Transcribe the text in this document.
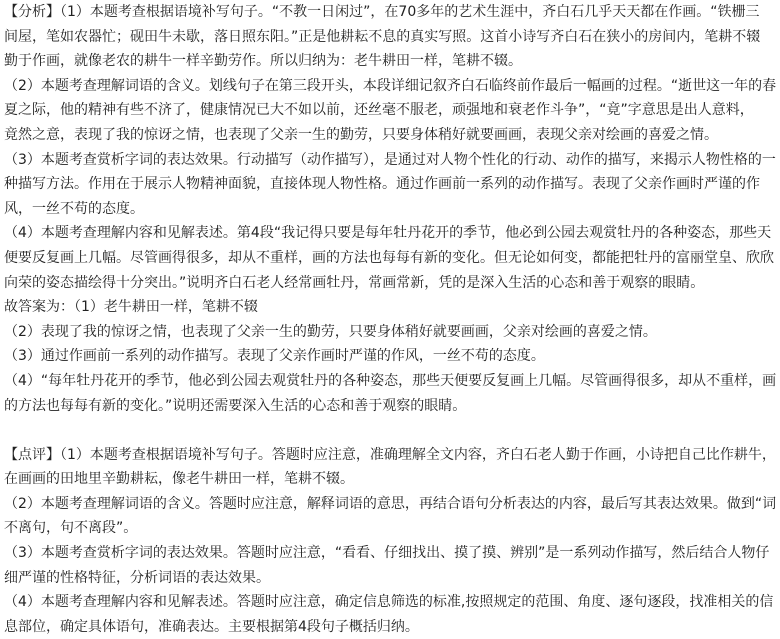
【分析】（1）本题考查根据语境补写句子。“不教一日闲过”，在70多年的艺术生涯中，齐白石几乎天天都在作画。“铁栅三
间屋，笔如农器忙；砚田牛未歇，落日照东阳。”正是他耕耘不息的真实写照。这首小诗写齐白石在狭小的房间内，笔耕不辍
勤于作画，就像老农的耕牛一样辛勤劳作。所以归纳为：老牛耕田一样，笔耕不辍。
（2）本题考查理解词语的含义。划线句子在第三段开头，本段详细记叙齐白石临终前作最后一幅画的过程。“逝世这一年的春
夏之际，他的精神有些不济了，健康情况已大不如以前，还丝毫不服老，顽强地和衰老作斗争”，“竟”字意思是出人意料，
竟然之意，表现了我的惊讶之情，也表现了父亲一生的勤劳，只要身体稍好就要画画，表现父亲对绘画的喜爱之情。
（3）本题考查赏析字词的表达效果。行动描写（动作描写），是通过对人物个性化的行动、动作的描写，来揭示人物性格的一
种描写方法。作用在于展示人物精神面貌，直接体现人物性格。通过作画前一系列的动作描写。表现了父亲作画时严谨的作
风，一丝不苟的态度。
（4）本题考查理解内容和见解表述。第4段“我记得只要是每年牡丹花开的季节，他必到公园去观赏牡丹的各种姿态，那些天
便要反复画上几幅。尽管画得很多，却从不重样，画的方法也每每有新的变化。但无论如何变，都能把牡丹的富丽堂皇、欣欣
向荣的姿态描绘得十分突出。”说明齐白石老人经常画牡丹，常画常新，凭的是深入生活的心态和善于观察的眼睛。
故答案为：（1）老牛耕田一样，笔耕不辍
（2）表现了我的惊讶之情，也表现了父亲一生的勤劳，只要身体稍好就要画画，父亲对绘画的喜爱之情。
（3）通过作画前一系列的动作描写。表现了父亲作画时严谨的作风，一丝不苟的态度。
（4）“每年牡丹花开的季节，他必到公园去观赏牡丹的各种姿态，那些天便要反复画上几幅。尽管画得很多，却从不重样，画
的方法也每每有新的变化。”说明还需要深入生活的心态和善于观察的眼睛。
【点评】（1）本题考查根据语境补写句子。答题时应注意，准确理解全文内容，齐白石老人勤于作画，小诗把自己比作耕牛，
在画画的田地里辛勤耕耘，像老牛耕田一样，笔耕不辍。
（2）本题考查理解词语的含义。答题时应注意，解释词语的意思，再结合语句分析表达的内容，最后写其表达效果。做到“词
不离句，句不离段”。
（3）本题考查赏析字词的表达效果。答题时应注意，“看看、仔细找出、摸了摸、辨别”是一系列动作描写，然后结合人物仔
细严谨的性格特征，分析词语的表达效果。
（4）本题考查理解内容和见解表述。答题时应注意，确定信息筛选的标准,按照规定的范围、角度、逐句逐段，找准相关的信
息部位，确定具体语句，准确表达。主要根据第4段句子概括归纳。
